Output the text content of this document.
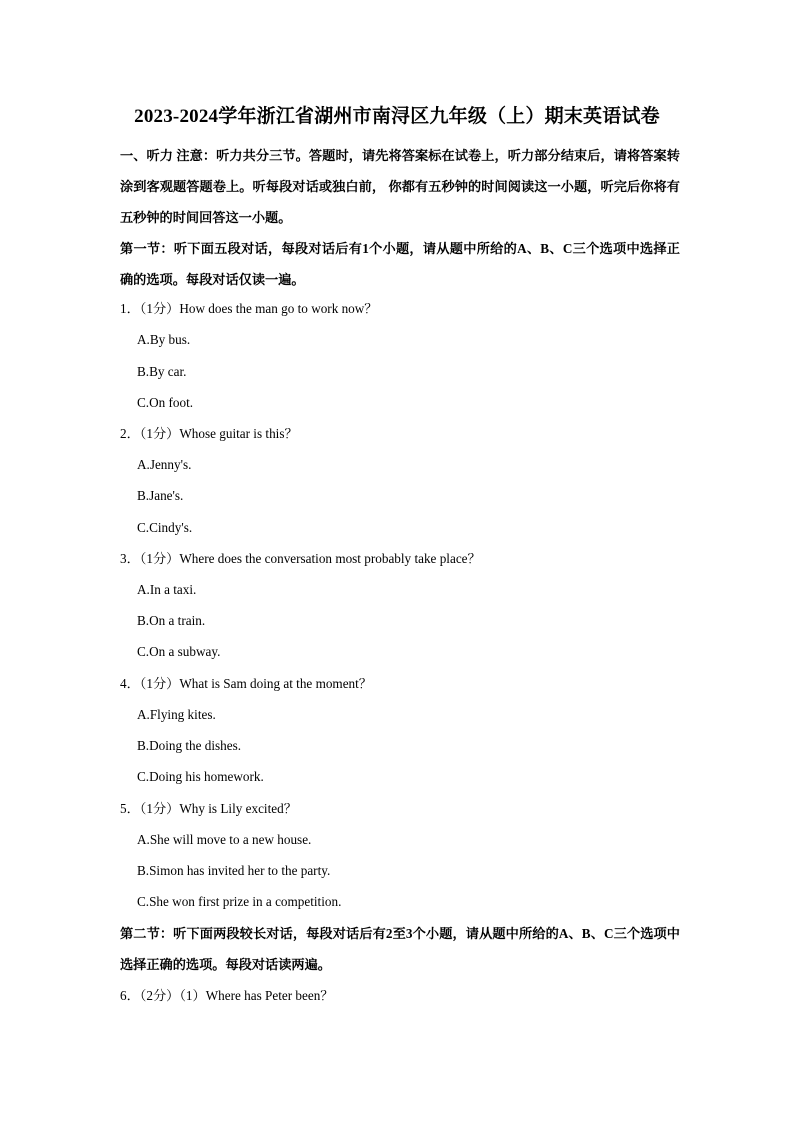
2023-2024学年浙江省湖州市南浔区九年级（上）期末英语试卷
一、听力 注意：听力共分三节。答题时，请先将答案标在试卷上，听力部分结束后，请将答案转涂到客观题答题卷上。听每段对话或独白前， 你都有五秒钟的时间阅读这一小题，听完后你将有五秒钟的时间回答这一小题。
第一节：听下面五段对话，每段对话后有1个小题，请从题中所给的A、B、C三个选项中选择正确的选项。每段对话仅读一遍。
1．（1分）How does the man go to work now？
A.By bus.
B.By car.
C.On foot.
2．（1分）Whose guitar is this？
A.Jenny's.
B.Jane's.
C.Cindy's.
3．（1分）Where does the conversation most probably take place？
A.In a taxi.
B.On a train.
C.On a subway.
4．（1分）What is Sam doing at the moment？
A.Flying kites.
B.Doing the dishes.
C.Doing his homework.
5．（1分）Why is Lily excited？
A.She will move to a new house.
B.Simon has invited her to the party.
C.She won first prize in a competition.
第二节：听下面两段较长对话，每段对话后有2至3个小题，请从题中所给的A、B、C三个选项中选择正确的选项。每段对话读两遍。
6．（2分）（1）Where has Peter been？
